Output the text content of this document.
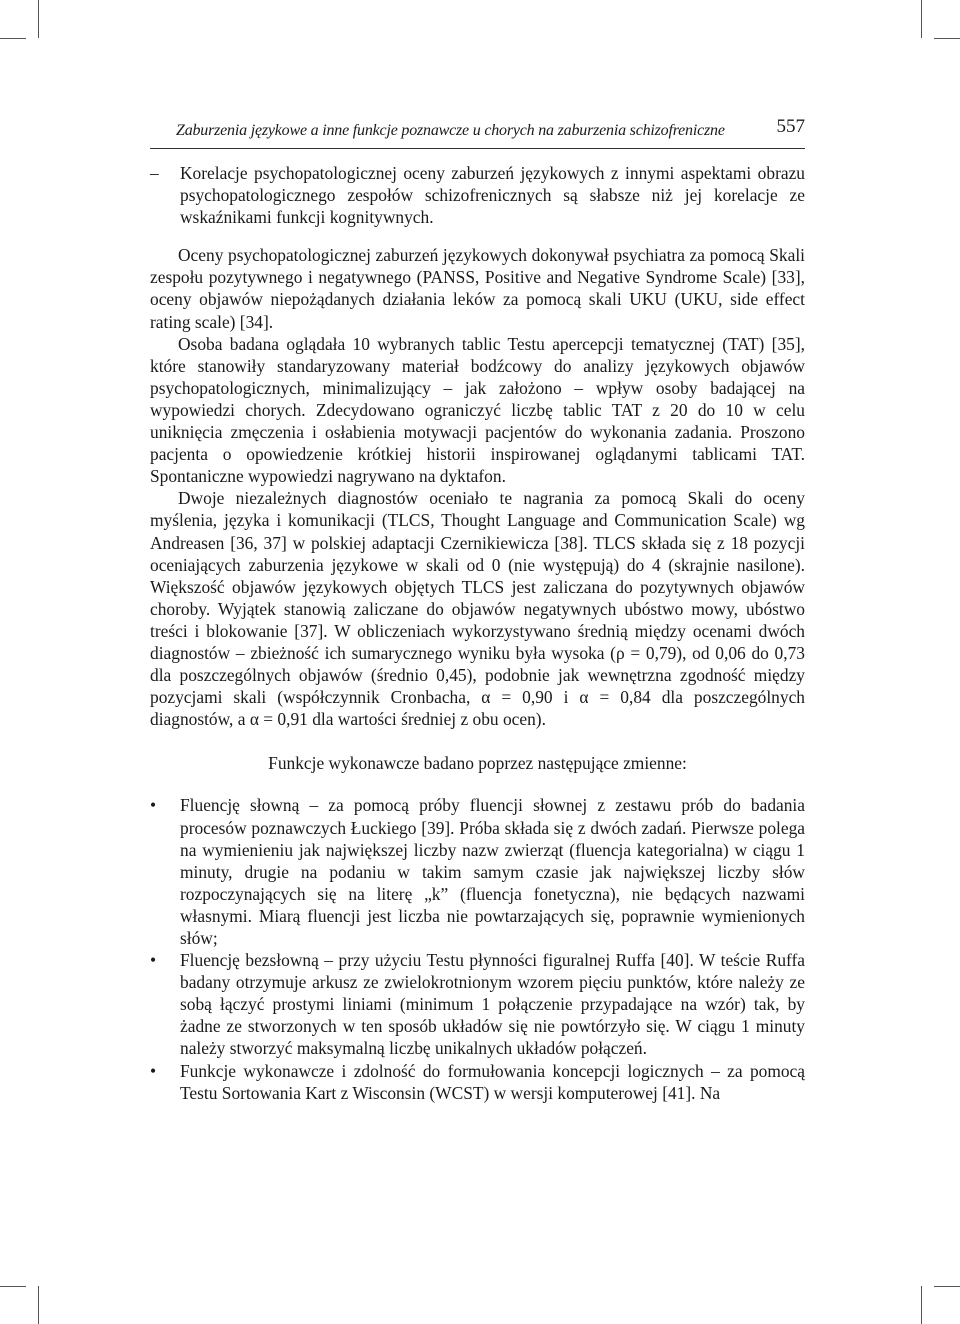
Zaburzenia językowe a inne funkcje poznawcze u chorych na zaburzenia schizofreniczne	557

– Korelacje psychopatologicznej oceny zaburzeń językowych z innymi aspektami obrazu psychopatologicznego zespołów schizofrenicznych są słabsze niż jej korelacje ze wskaźnikami funkcji kognitywnych.

Oceny psychopatologicznej zaburzeń językowych dokonywał psychiatra za pomocą Skali zespołu pozytywnego i negatywnego (PANSS, Positive and Negative Syndrome Scale) [33], oceny objawów niepożądanych działania leków za pomocą skali UKU (UKU, side effect rating scale) [34].

Osoba badana oglądała 10 wybranych tablic Testu apercepcji tematycznej (TAT) [35], które stanowiły standaryzowany materiał bodźcowy do analizy językowych objawów psychopatologicznych, minimalizujący – jak założono – wpływ osoby badającej na wypowiedzi chorych. Zdecydowano ograniczyć liczbę tablic TAT z 20 do 10 w celu uniknięcia zmęczenia i osłabienia motywacji pacjentów do wykonania zadania. Proszono pacjenta o opowiedzenie krótkiej historii inspirowanej oglądanymi tablicami TAT. Spontaniczne wypowiedzi nagrywano na dyktafon.

Dwoje niezależnych diagnostów oceniało te nagrania za pomocą Skali do oceny myślenia, języka i komunikacji (TLCS, Thought Language and Communication Scale) wg Andreasen [36, 37] w polskiej adaptacji Czernikiewicza [38]. TLCS składa się z 18 pozycji oceniających zaburzenia językowe w skali od 0 (nie występują) do 4 (skrajnie nasilone). Większość objawów językowych objętych TLCS jest zaliczana do pozytywnych objawów choroby. Wyjątek stanowią zaliczane do objawów negatywnych ubóstwo mowy, ubóstwo treści i blokowanie [37]. W obliczeniach wykorzystywano średnią między ocenami dwóch diagnostów – zbieżność ich sumarycznego wyniku była wysoka (ρ = 0,79), od 0,06 do 0,73 dla poszczególnych objawów (średnio 0,45), podobnie jak wewnętrzna zgodność między pozycjami skali (współczynnik Cronbacha, α = 0,90 i α = 0,84 dla poszczególnych diagnostów, a α = 0,91 dla wartości średniej z obu ocen).

Funkcje wykonawcze badano poprzez następujące zmienne:

• Fluencję słowną – za pomocą próby fluencji słownej z zestawu prób do badania procesów poznawczych Łuckiego [39]. Próba składa się z dwóch zadań. Pierwsze polega na wymienieniu jak największej liczby nazw zwierząt (fluencja kategorialna) w ciągu 1 minuty, drugie na podaniu w takim samym czasie jak największej liczby słów rozpoczynających się na literę „k” (fluencja fonetyczna), nie będących nazwami własnymi. Miarą fluencji jest liczba nie powtarzających się, poprawnie wymienionych słów;
• Fluencję bezsłowną – przy użyciu Testu płynności figuralnej Ruffa [40]. W teście Ruffa badany otrzymuje arkusz ze zwielokrotnionym wzorem pięciu punktów, które należy ze sobą łączyć prostymi liniami (minimum 1 połączenie przypadające na wzór) tak, by żadne ze stworzonych w ten sposób układów się nie powtórzyło się. W ciągu 1 minuty należy stworzyć maksymalną liczbę unikalnych układów połączeń.
• Funkcje wykonawcze i zdolność do formułowania koncepcji logicznych – za pomocą Testu Sortowania Kart z Wisconsin (WCST) w wersji komputerowej [41]. Na
